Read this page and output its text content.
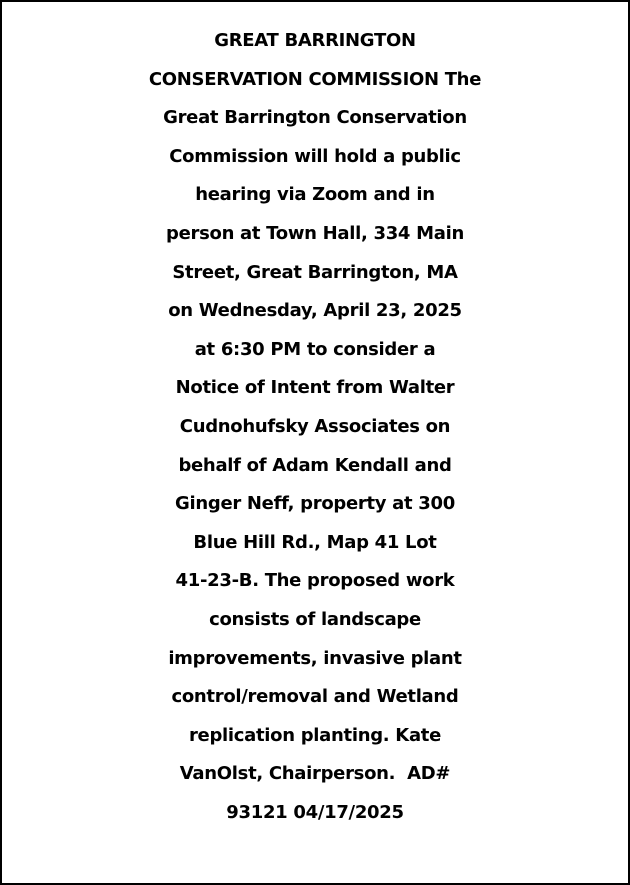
GREAT BARRINGTON
CONSERVATION COMMISSION The
Great Barrington Conservation
Commission will hold a public
hearing via Zoom and in
person at Town Hall, 334 Main
Street, Great Barrington, MA
on Wednesday, April 23, 2025
at 6:30 PM to consider a
Notice of Intent from Walter
Cudnohufsky Associates on
behalf of Adam Kendall and
Ginger Neff, property at 300
Blue Hill Rd., Map 41 Lot
41-23-B. The proposed work
consists of landscape
improvements, invasive plant
control/removal and Wetland
replication planting. Kate
VanOlst, Chairperson.  AD#
93121 04/17/2025
